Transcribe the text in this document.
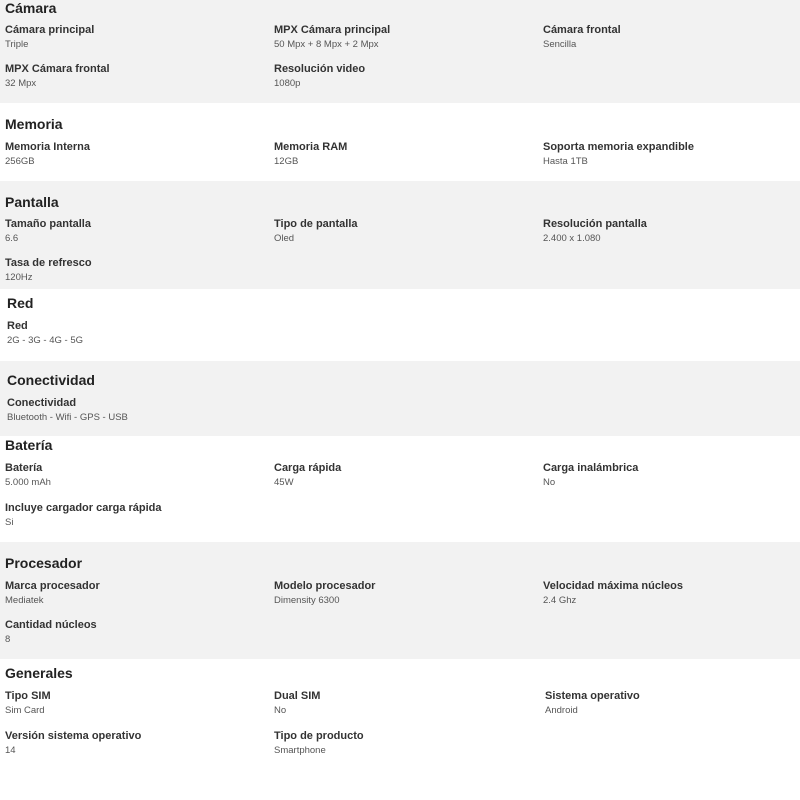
Cámara
Cámara principal
Triple
MPX Cámara principal
50 Mpx + 8 Mpx + 2 Mpx
Cámara frontal
Sencilla
MPX Cámara frontal
32 Mpx
Resolución video
1080p
Memoria
Memoria Interna
256GB
Memoria RAM
12GB
Soporta memoria expandible
Hasta 1TB
Pantalla
Tamaño pantalla
6.6
Tipo de pantalla
Oled
Resolución pantalla
2.400 x 1.080
Tasa de refresco
120Hz
Red
Red
2G - 3G - 4G - 5G
Conectividad
Conectividad
Bluetooth - Wifi - GPS - USB
Batería
Batería
5.000 mAh
Carga rápida
45W
Carga inalámbrica
No
Incluye cargador carga rápida
Si
Procesador
Marca procesador
Mediatek
Modelo procesador
Dimensity 6300
Velocidad máxima núcleos
2.4 Ghz
Cantidad núcleos
8
Generales
Tipo SIM
Sim Card
Dual SIM
No
Sistema operativo
Android
Versión sistema operativo
14
Tipo de producto
Smartphone
